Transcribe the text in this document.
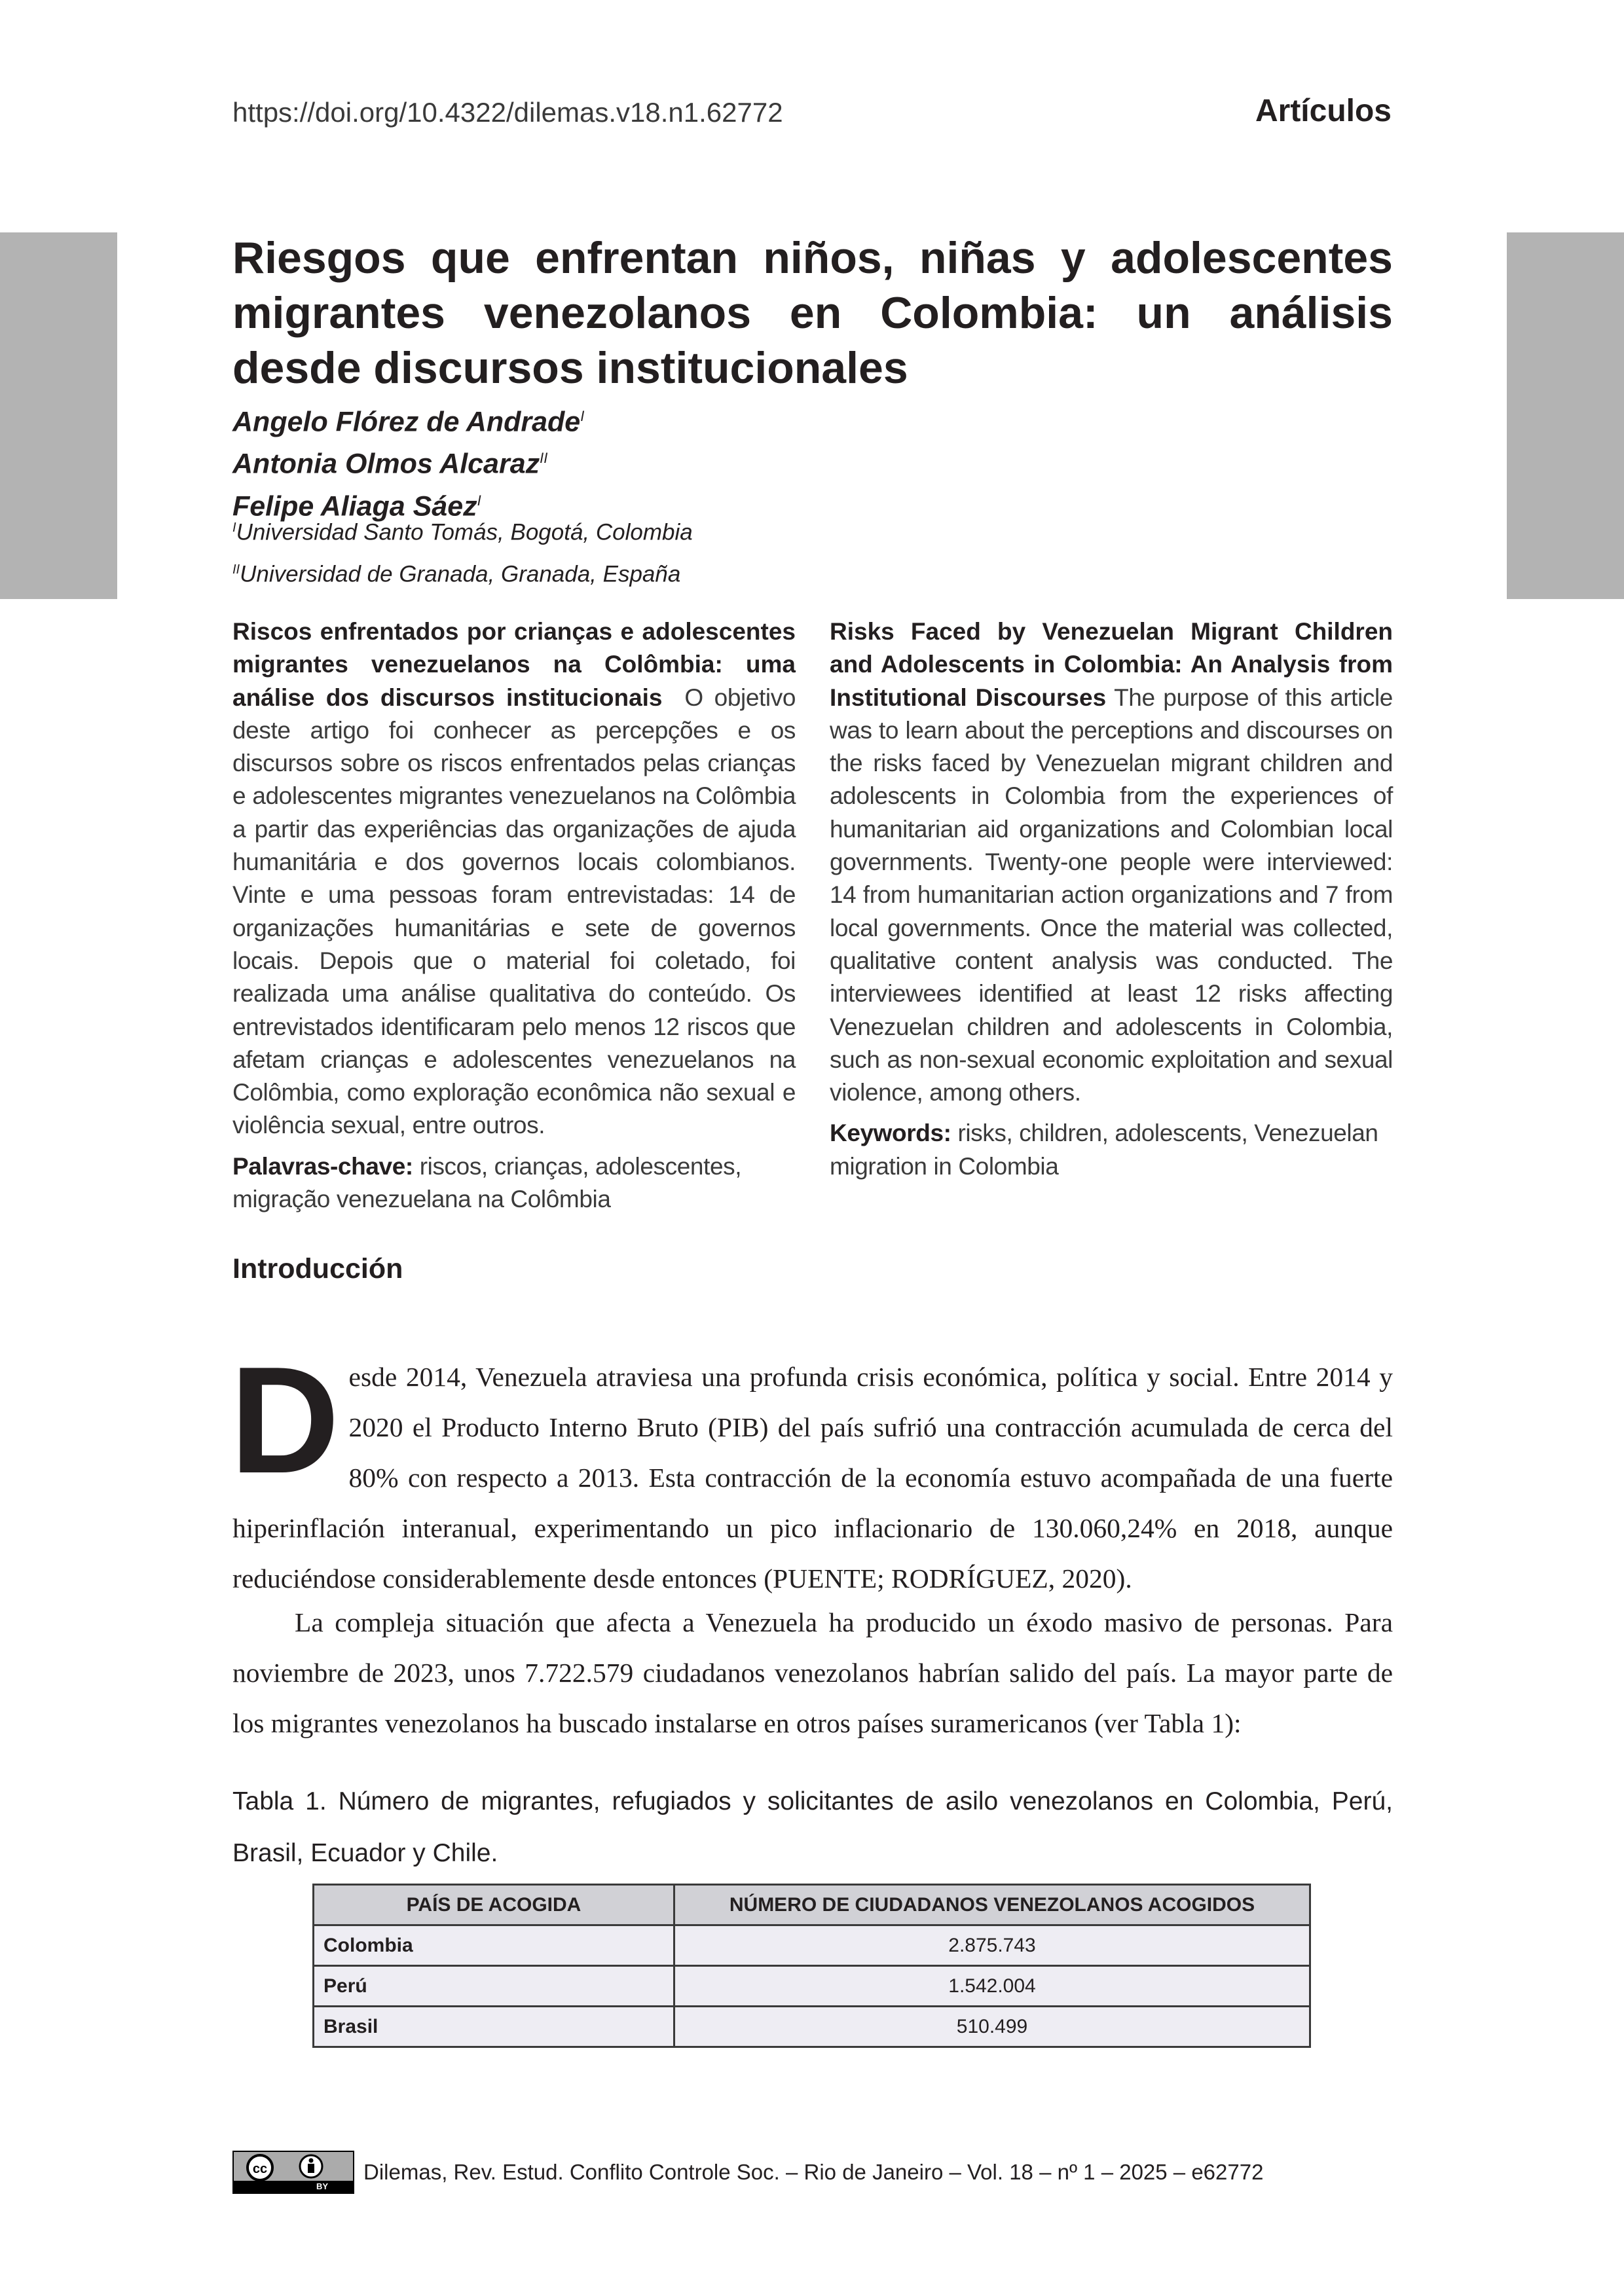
https://doi.org/10.4322/dilemas.v18.n1.62772	Artículos
Riesgos que enfrentan niños, niñas y adolescentes migrantes venezolanos en Colombia: un análisis desde discursos institucionales
Angelo Flórez de Andrade$^I$
Antonia Olmos Alcaraz$^{II}$
Felipe Aliaga Sáez$^I$
$^I$Universidad Santo Tomás, Bogotá, Colombia
$^{II}$Universidad de Granada, Granada, España
Riscos enfrentados por crianças e adolescentes migrantes venezuelanos na Colômbia: uma análise dos discursos institucionais O objetivo deste artigo foi conhecer as percepções e os discursos sobre os riscos enfrentados pelas crianças e adolescentes migrantes venezuelanos na Colômbia a partir das experiências das organizações de ajuda humanitária e dos governos locais colombianos. Vinte e uma pessoas foram entrevistadas: 14 de organizações humanitárias e sete de governos locais. Depois que o material foi coletado, foi realizada uma análise qualitativa do conteúdo. Os entrevistados identificaram pelo menos 12 riscos que afetam crianças e adolescentes venezuelanos na Colômbia, como exploração econômica não sexual e violência sexual, entre outros.
Palavras-chave: riscos, crianças, adolescentes, migração venezuelana na Colômbia
Risks Faced by Venezuelan Migrant Children and Adolescents in Colombia: An Analysis from Institutional Discourses The purpose of this article was to learn about the perceptions and discourses on the risks faced by Venezuelan migrant children and adolescents in Colombia from the experiences of humanitarian aid organizations and Colombian local governments. Twenty-one people were interviewed: 14 from humanitarian action organizations and 7 from local governments. Once the material was collected, qualitative content analysis was conducted. The interviewees identified at least 12 risks affecting Venezuelan children and adolescents in Colombia, such as non-sexual economic exploitation and sexual violence, among others.
Keywords: risks, children, adolescents, Venezuelan migration in Colombia
Introducción
Desde 2014, Venezuela atraviesa una profunda crisis económica, política y social. Entre 2014 y 2020 el Producto Interno Bruto (PIB) del país sufrió una contracción acumulada de cerca del 80% con respecto a 2013. Esta contracción de la economía estuvo acompañada de una fuerte hiperinflación interanual, experimentando un pico inflacionario de 130.060,24% en 2018, aunque reduciéndose considerablemente desde entonces (PUENTE; RODRÍGUEZ, 2020).
La compleja situación que afecta a Venezuela ha producido un éxodo masivo de personas. Para noviembre de 2023, unos 7.722.579 ciudadanos venezolanos habrían salido del país. La mayor parte de los migrantes venezolanos ha buscado instalarse en otros países suramericanos (ver Tabla 1):
Tabla 1. Número de migrantes, refugiados y solicitantes de asilo venezolanos en Colombia, Perú, Brasil, Ecuador y Chile.
PAÍS DE ACOGIDA	NÚMERO DE CIUDADANOS VENEZOLANOS ACOGIDOS
Colombia	2.875.743
Perú	1.542.004
Brasil	510.499
cc
BY
Dilemas, Rev. Estud. Conflito Controle Soc. – Rio de Janeiro – Vol. 18 – nº 1 – 2025 – e62772
